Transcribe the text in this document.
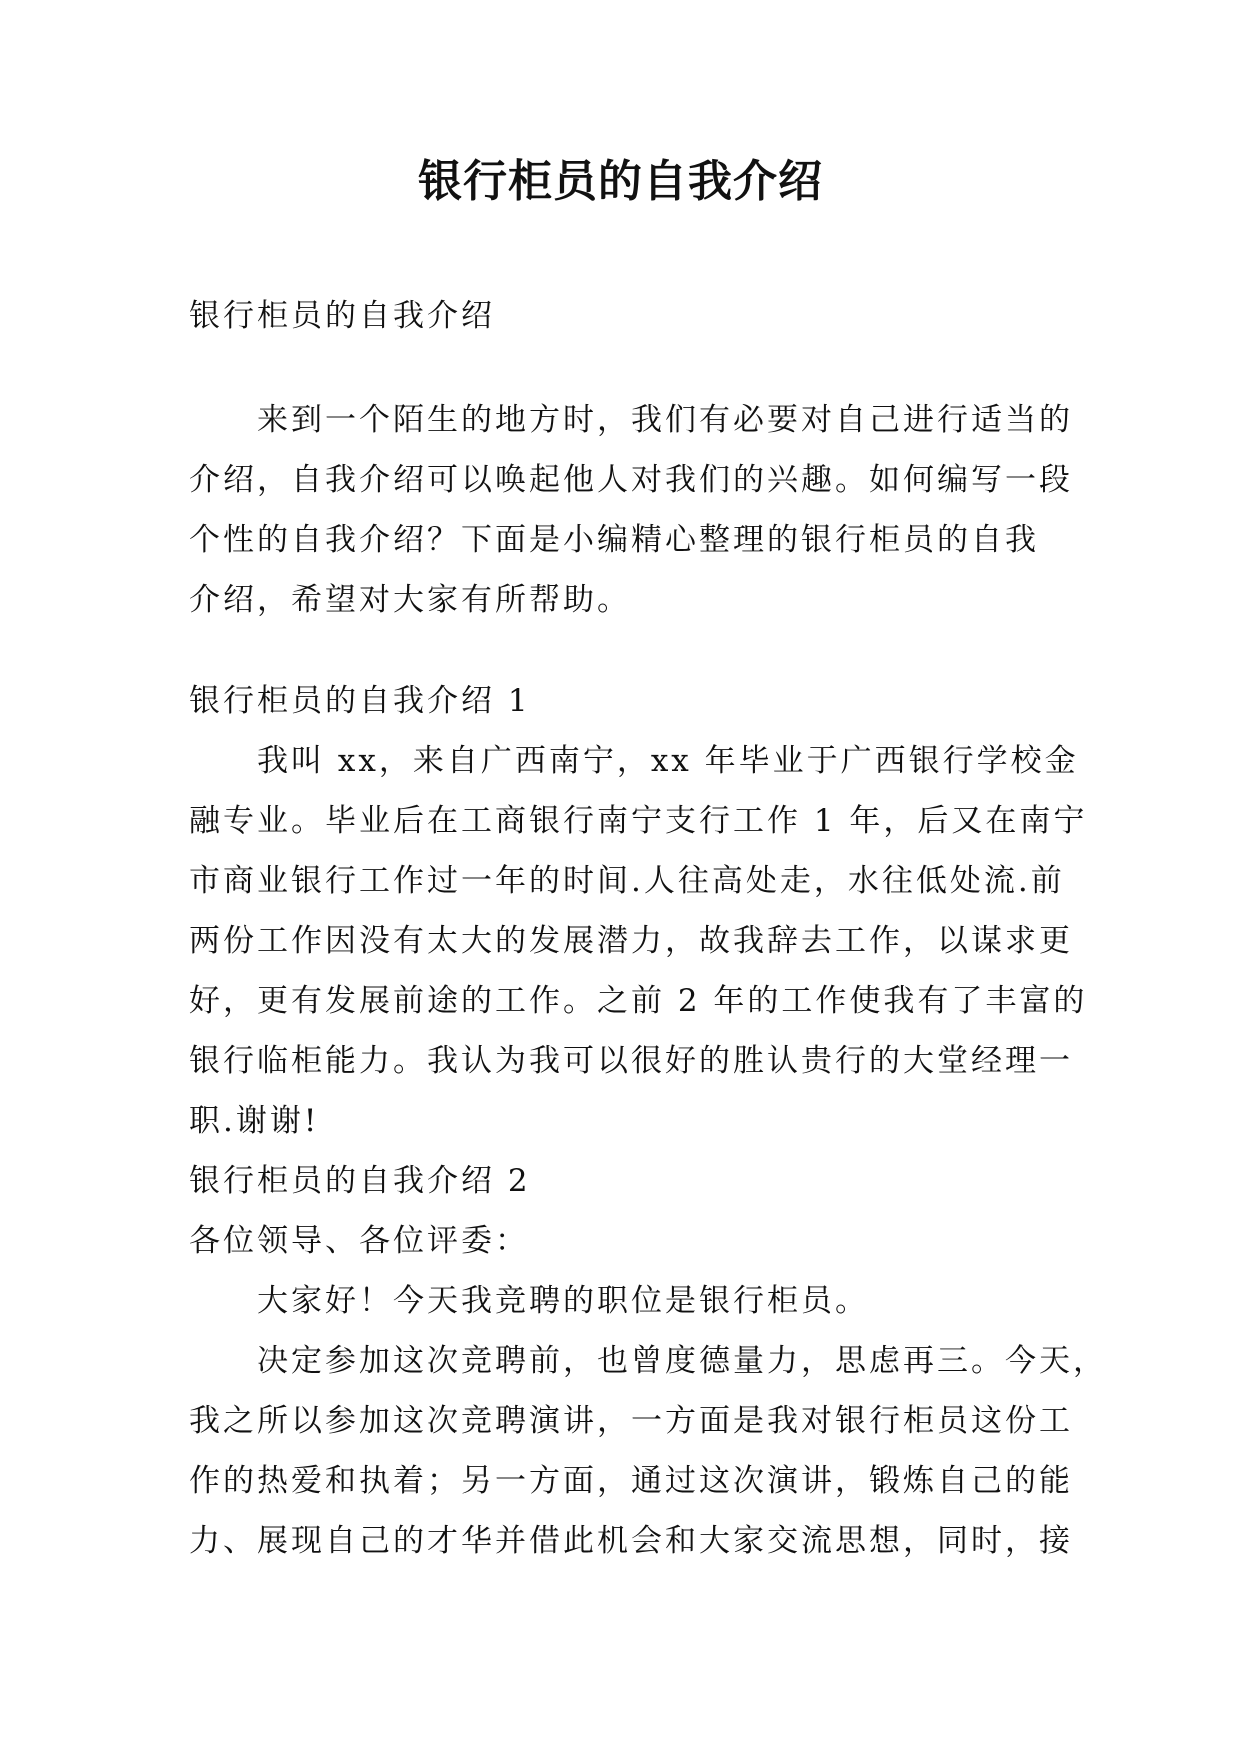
银行柜员的自我介绍

银行柜员的自我介绍

来到一个陌生的地方时，我们有必要对自己进行适当的
介绍，自我介绍可以唤起他人对我们的兴趣。如何编写一段
个性的自我介绍？下面是小编精心整理的银行柜员的自我
介绍，希望对大家有所帮助。

银行柜员的自我介绍 1

我叫 xx，来自广西南宁，xx 年毕业于广西银行学校金
融专业。毕业后在工商银行南宁支行工作 1 年，后又在南宁
市商业银行工作过一年的时间.人往高处走，水往低处流.前
两份工作因没有太大的发展潜力，故我辞去工作，以谋求更
好，更有发展前途的工作。之前 2 年的工作使我有了丰富的
银行临柜能力。我认为我可以很好的胜认贵行的大堂经理一
职.谢谢!

银行柜员的自我介绍 2

各位领导、各位评委：

大家好！今天我竞聘的职位是银行柜员。

决定参加这次竞聘前，也曾度德量力，思虑再三。今天，
我之所以参加这次竞聘演讲，一方面是我对银行柜员这份工
作的热爱和执着；另一方面，通过这次演讲，锻炼自己的能
力、展现自己的才华并借此机会和大家交流思想，同时，接
